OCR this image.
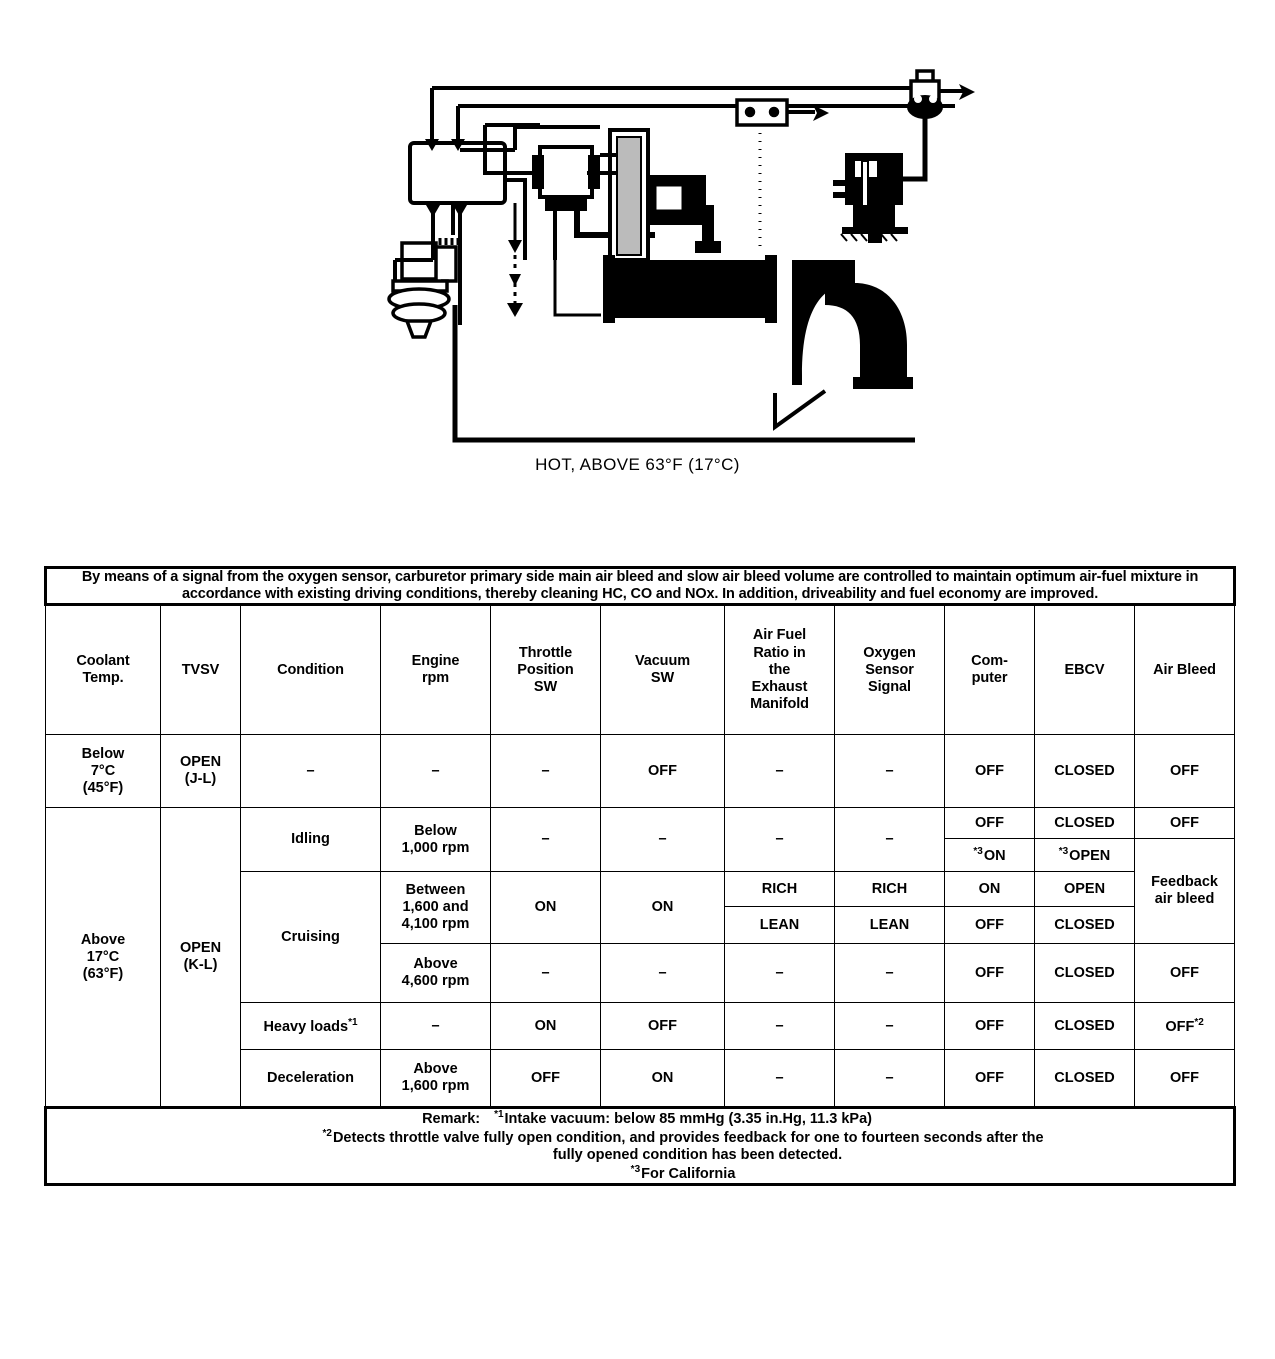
HOT, ABOVE 63°F (17°C)
By means of a signal from the oxygen sensor, carburetor primary side main air bleed and slow air bleed volume are controlled to maintain optimum air-fuel mixture in accordance with existing driving conditions, thereby cleaning HC, CO and NOx. In addition, driveability and fuel economy are improved.										
Coolant
Temp.	TVSV	Condition	Engine
rpm	Throttle
Position
SW	Vacuum
SW	Air Fuel
Ratio in
the
Exhaust
Manifold	Oxygen
Sensor
Signal	Com-
puter	EBCV	Air Bleed
Below
7°C
(45°F)	OPEN
(J-L)	–	–	–	OFF	–	–	OFF	CLOSED	OFF
Above
17°C
(63°F)	OPEN
(K-L)	Idling	Below
1,000 rpm	–	–	–	–	OFF	CLOSED	OFF
								$^{*3}$ON	$^{*3}$OPEN	Feedback
air bleed
		Cruising	Between
1,600 and
4,100 rpm	ON	ON	RICH	RICH	ON	OPEN	
						LEAN	LEAN	OFF	CLOSED	
			Above
4,600 rpm	–	–	–	–	OFF	CLOSED	OFF
		Heavy loads$^{*1}$	–	ON	OFF	–	–	OFF	CLOSED	OFF$^{*2}$
		Deceleration	Above
1,600 rpm	OFF	ON	–	–	OFF	CLOSED	OFF

Remark: $^{*1}$Intake vacuum: below 85 mmHg (3.35 in.Hg, 11.3 kPa)
$^{*2}$Detects throttle valve fully open condition, and provides feedback for one to fourteen seconds after the
fully opened condition has been detected.
$^{*3}$For California										
